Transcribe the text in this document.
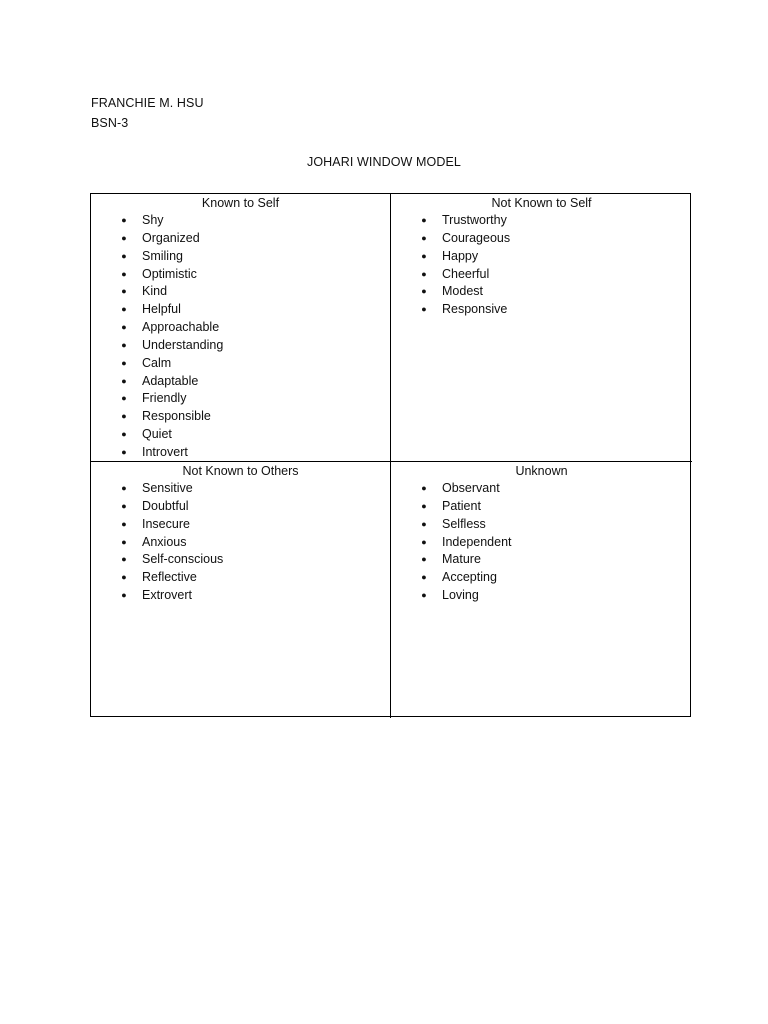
FRANCHIE M. HSU
BSN-3
JOHARI WINDOW MODEL
Known to Self
● Shy
● Organized
● Smiling
● Optimistic
● Kind
● Helpful
● Approachable
● Understanding
● Calm
● Adaptable
● Friendly
● Responsible
● Quiet
● Introvert
Not Known to Self
● Trustworthy
● Courageous
● Happy
● Cheerful
● Modest
● Responsive
Not Known to Others
● Sensitive
● Doubtful
● Insecure
● Anxious
● Self-conscious
● Reflective
● Extrovert
Unknown
● Observant
● Patient
● Selfless
● Independent
● Mature
● Accepting
● Loving
